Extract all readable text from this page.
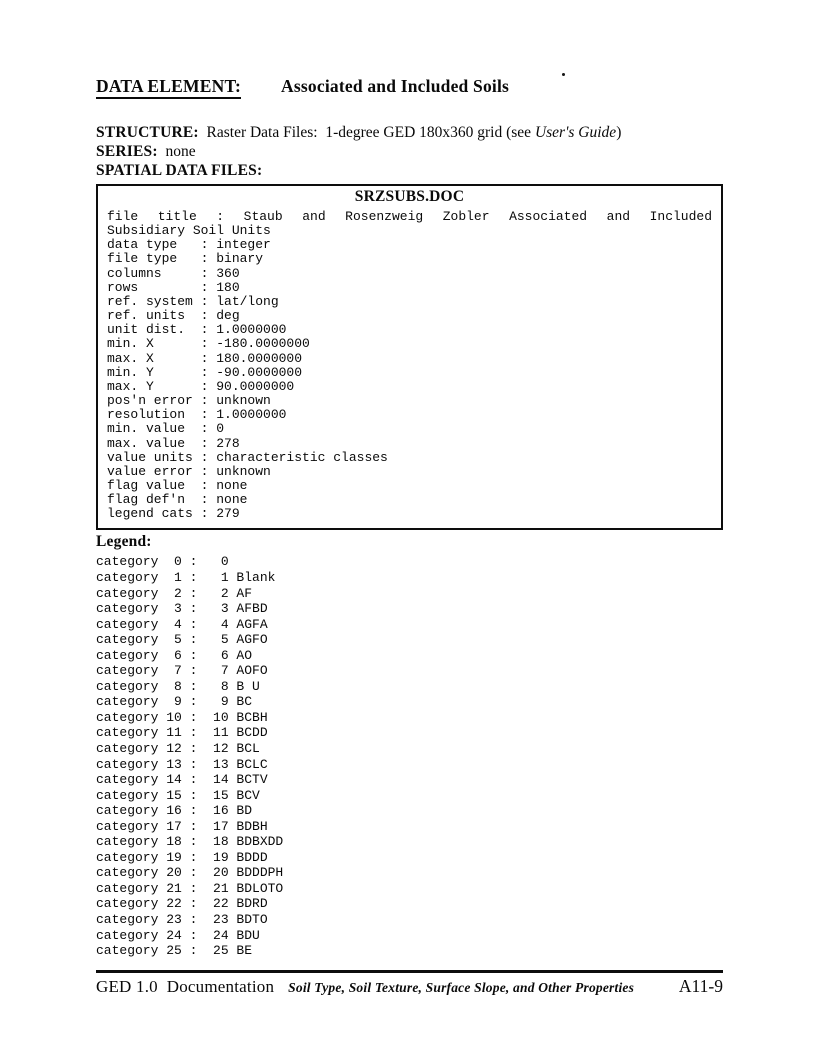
DATA ELEMENT: Associated and Included Soils

STRUCTURE:  Raster Data Files:  1-degree GED 180x360 grid (see User's Guide)

SERIES:  none

SPATIAL DATA FILES:

SRZSUBS.DOC
file title : Staub and Rosenzweig Zobler Associated and Included
Subsidiary Soil Units
data type   : integer
file type   : binary
columns     : 360
rows        : 180
ref. system : lat/long
ref. units  : deg
unit dist.  : 1.0000000
min. X      : -180.0000000
max. X      : 180.0000000
min. Y      : -90.0000000
max. Y      : 90.0000000
pos'n error : unknown
resolution  : 1.0000000
min. value  : 0
max. value  : 278
value units : characteristic classes
value error : unknown
flag value  : none
flag def'n  : none
legend cats : 279
Legend:
category  0 :   0
category  1 :   1 Blank
category  2 :   2 AF
category  3 :   3 AFBD
category  4 :   4 AGFA
category  5 :   5 AGFO
category  6 :   6 AO
category  7 :   7 AOFO
category  8 :   8 B U
category  9 :   9 BC
category 10 :  10 BCBH
category 11 :  11 BCDD
category 12 :  12 BCL
category 13 :  13 BCLC
category 14 :  14 BCTV
category 15 :  15 BCV
category 16 :  16 BD
category 17 :  17 BDBH
category 18 :  18 BDBXDD
category 19 :  19 BDDD
category 20 :  20 BDDDPH
category 21 :  21 BDLOTO
category 22 :  22 BDRD
category 23 :  23 BDTO
category 24 :  24 BDU
category 25 :  25 BE
GED 1.0  Documentation Soil Type, Soil Texture, Surface Slope, and Other Properties	A11-9
